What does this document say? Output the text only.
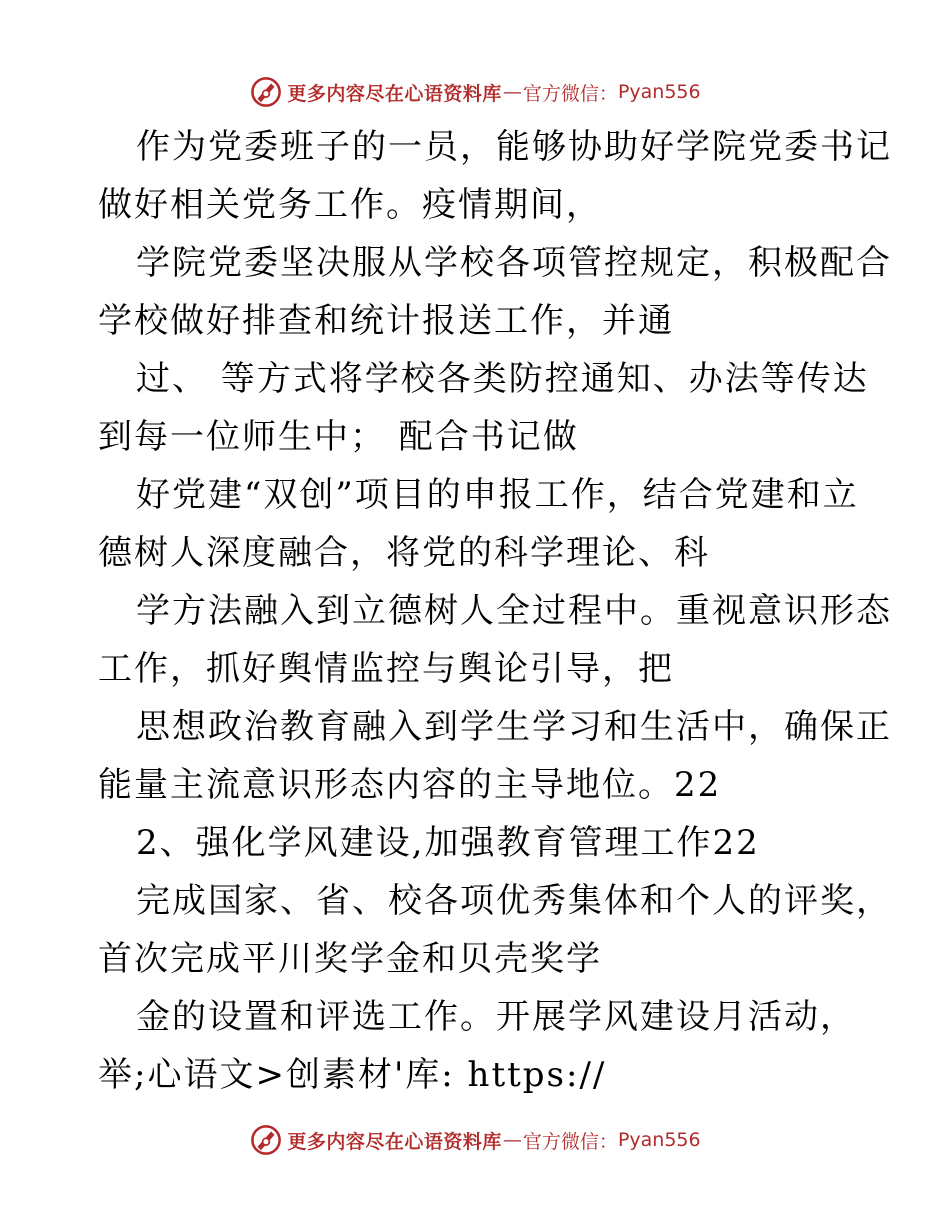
更多内容尽在心语资料库 — 官方微信： Pyan556
作为党委班子的一员，能够协助好学院党委书记
做好相关党务工作。疫情期间，
学院党委坚决服从学校各项管控规定，积极配合
学校做好排查和统计报送工作，并通
过、 等方式将学校各类防控通知、办法等传达
到每一位师生中； 配合书记做
好党建“双创”项目的申报工作，结合党建和立
德树人深度融合，将党的科学理论、科
学方法融入到立德树人全过程中。重视意识形态
工作，抓好舆情监控与舆论引导，把
思想政治教育融入到学生学习和生活中，确保正
能量主流意识形态内容的主导地位。22
2、强化学风建设,加强教育管理工作22
完成国家、省、校各项优秀集体和个人的评奖，
首次完成平川奖学金和贝壳奖学
金的设置和评选工作。开展学风建设月活动，
举;心语文>创素材'库: https://
更多内容尽在心语资料库 — 官方微信： Pyan556
